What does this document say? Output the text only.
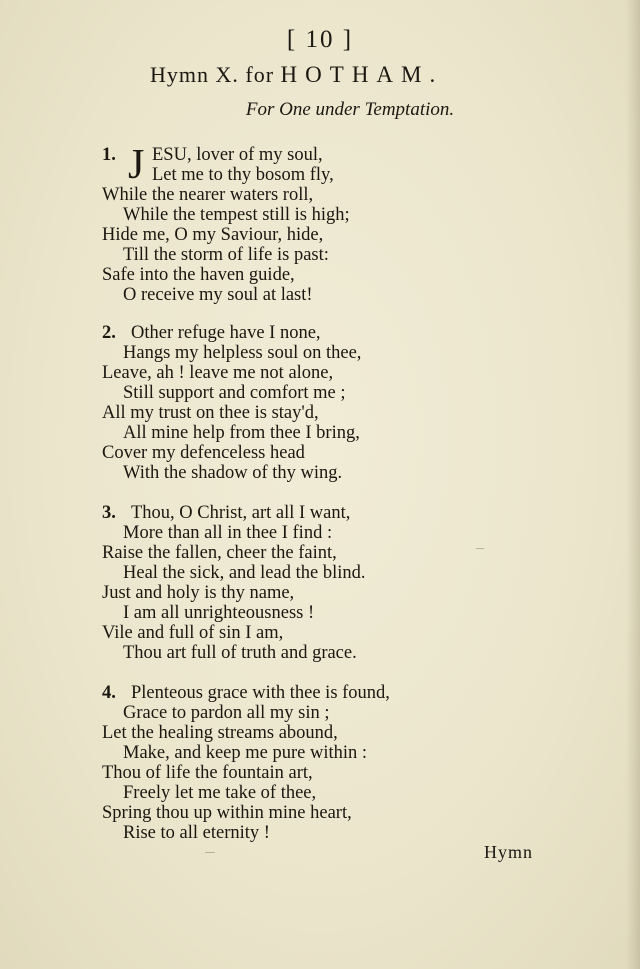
[ 10 ]
Hymn X. for HOTHAM.
For One under Temptation.
1. J ESU, lover of my soul,
Let me to thy bosom fly,
While the nearer waters roll,
While the tempest still is high;
Hide me, O my Saviour, hide,
Till the storm of life is past:
Safe into the haven guide,
O receive my soul at last!
2. Other refuge have I none,
Hangs my helpless soul on thee,
Leave, ah ! leave me not alone,
Still support and comfort me ;
All my trust on thee is stay'd,
All mine help from thee I bring,
Cover my defenceless head
With the shadow of thy wing.
3. Thou, O Christ, art all I want,
More than all in thee I find :
Raise the fallen, cheer the faint,
Heal the sick, and lead the blind.
Just and holy is thy name,
I am all unrighteousness !
Vile and full of sin I am,
Thou art full of truth and grace.
4. Plenteous grace with thee is found,
Grace to pardon all my sin ;
Let the healing streams abound,
Make, and keep me pure within :
Thou of life the fountain art,
Freely let me take of thee,
Spring thou up within mine heart,
Rise to all eternity !
Hymn
